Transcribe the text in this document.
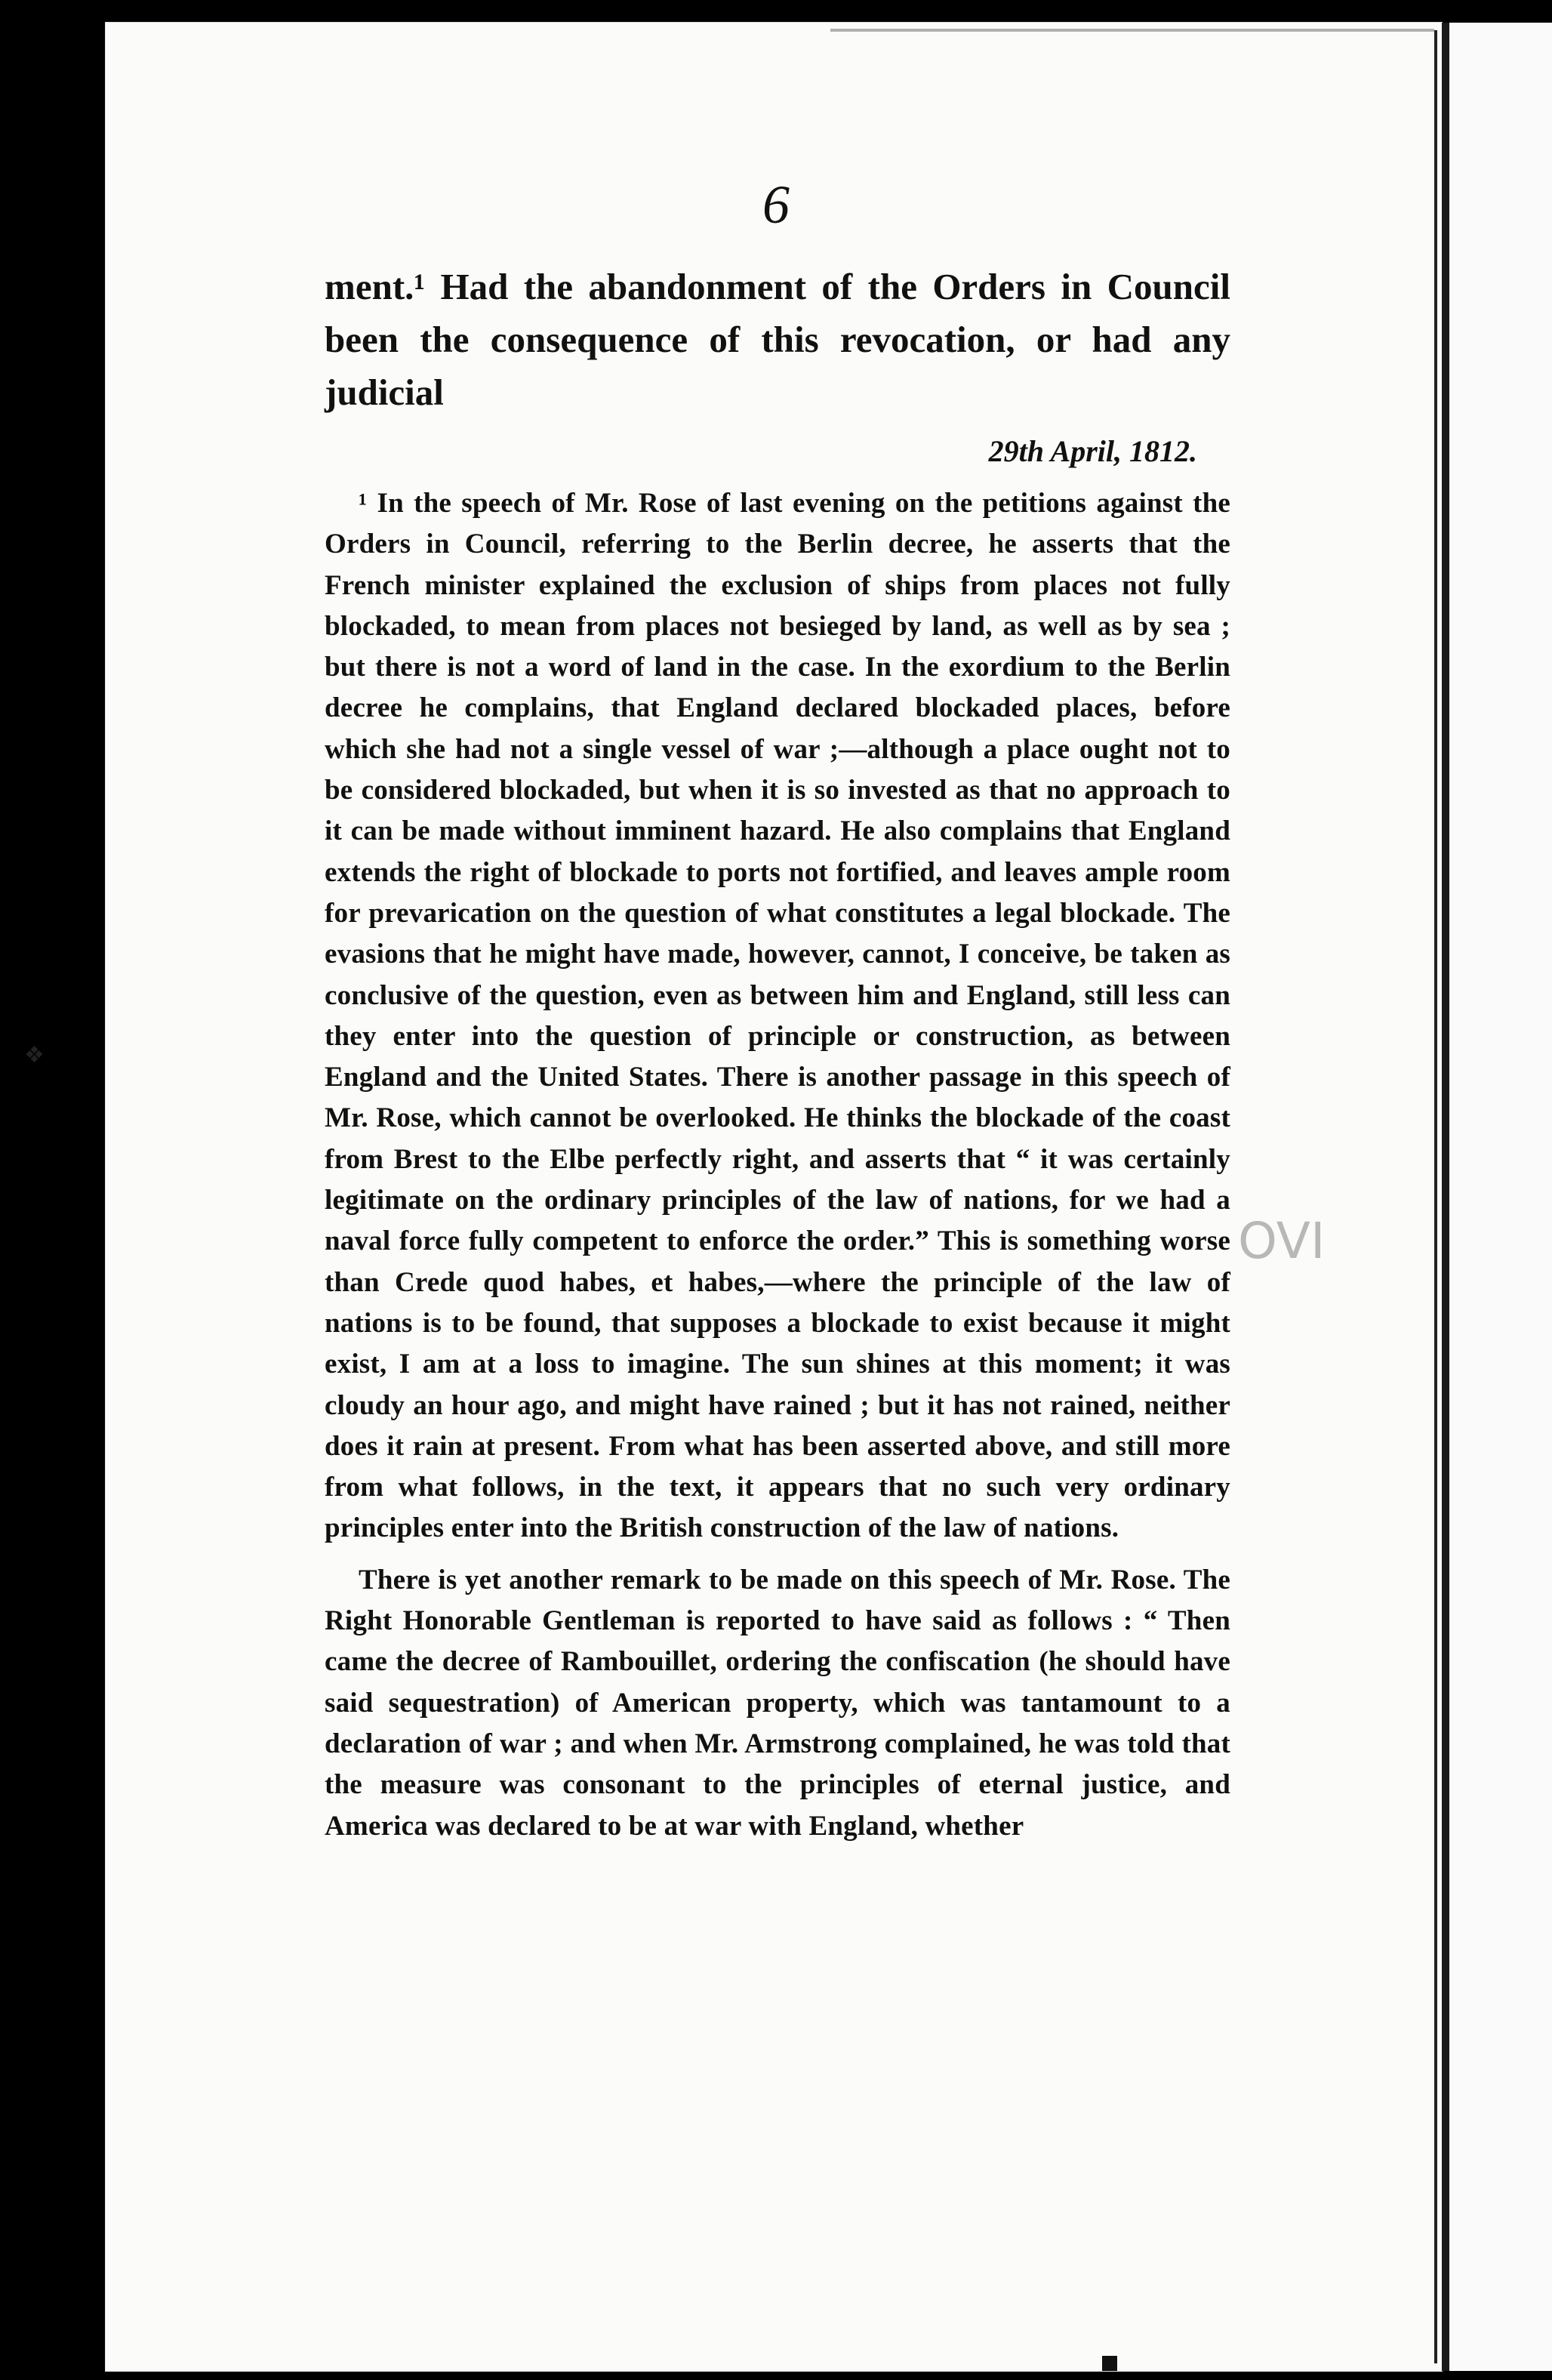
6
ment.¹ Had the abandonment of the Orders in Council been the consequence of this revocation, or had any judicial
29th April, 1812.

¹ In the speech of Mr. Rose of last evening on the petitions against the Orders in Council, referring to the Berlin decree, he asserts that the French minister explained the exclusion of ships from places not fully blockaded, to mean from places not besieged by land, as well as by sea ; but there is not a word of land in the case. In the exordium to the Berlin decree he complains, that England declared blockaded places, before which she had not a single vessel of war ;—although a place ought not to be considered blockaded, but when it is so invested as that no approach to it can be made without imminent hazard. He also complains that England extends the right of blockade to ports not fortified, and leaves ample room for prevarication on the question of what constitutes a legal blockade. The evasions that he might have made, however, cannot, I conceive, be taken as conclusive of the question, even as between him and England, still less can they enter into the question of principle or construction, as between England and the United States. There is another passage in this speech of Mr. Rose, which cannot be overlooked. He thinks the blockade of the coast from Brest to the Elbe perfectly right, and asserts that “ it was certainly legitimate on the ordinary principles of the law of nations, for we had a naval force fully competent to enforce the order.” This is something worse than Crede quod habes, et habes,—where the principle of the law of nations is to be found, that supposes a blockade to exist because it might exist, I am at a loss to imagine. The sun shines at this moment; it was cloudy an hour ago, and might have rained ; but it has not rained, neither does it rain at present. From what has been asserted above, and still more from what follows, in the text, it appears that no such very ordinary principles enter into the British construction of the law of nations.

There is yet another remark to be made on this speech of Mr. Rose. The Right Honorable Gentleman is reported to have said as follows : “ Then came the decree of Rambouillet, ordering the confiscation (he should have said sequestration) of American property, which was tantamount to a declaration of war ; and when Mr. Armstrong complained, he was told that the measure was consonant to the principles of eternal justice, and America was declared to be at war with England, whether

❖
OVI
